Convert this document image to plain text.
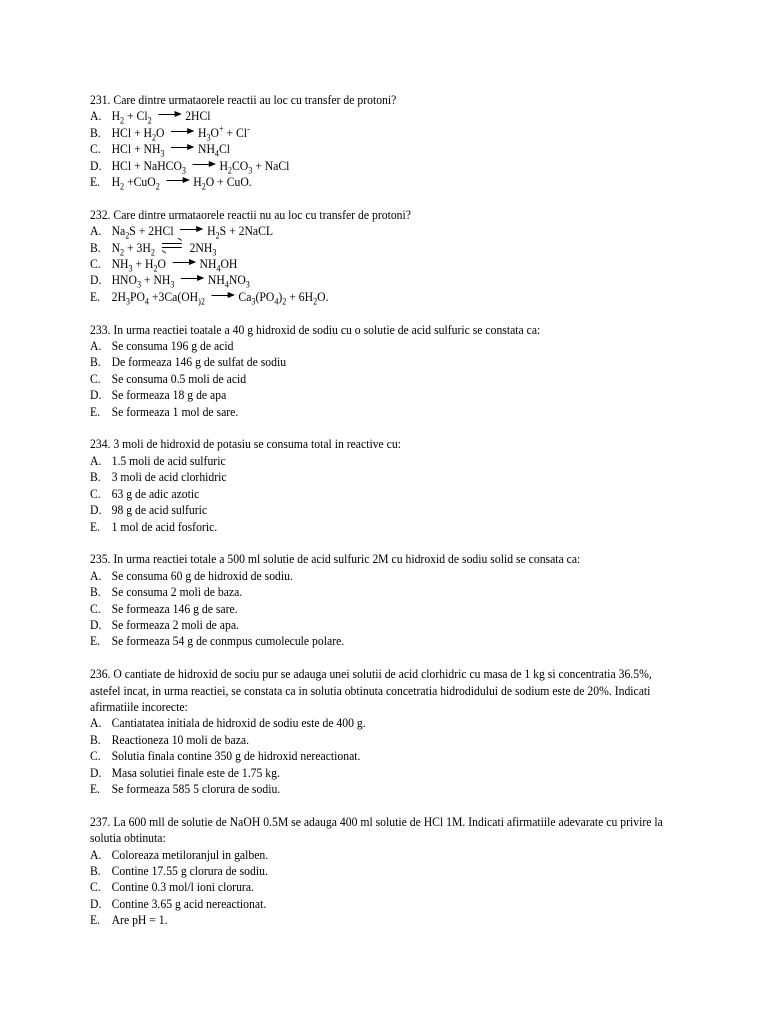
231. Care dintre urmataorele reactii au loc cu transfer de protoni?
A. $H_2 + Cl_2$	2HCl
B. HCl + $H_2O$ $H_3O^+ + Cl^-$
C. HCl + $NH_3$	$NH_4Cl$
D. HCl + NaHCO$_3$	$H_2CO_3$ + NaCl
E. $H_2 +CuO_2$	$H_2O$ + CuO.
232. Care dintre urmataorele reactii nu au loc cu transfer de protoni?
A. $Na_2S + 2HCl$ $H_2S$ + 2NaCL
B. $N_2 + 3H_2$
$2NH_3$
C. $NH_3 + H_2O$ $NH_4OH$
D. $HNO_3 + NH_3$	$NH_4NO_3$
E. $2H_3PO_4 +3Ca(OH_{)2}$	$Ca_3(PO_4)_2 + 6H_2O$.
233. In urma reactiei toatale a 40 g hidroxid de sodiu cu o solutie de acid sulfuric se constata ca:
A. Se consuma 196 g de acid
B. De formeaza 146 g de sulfat de sodiu
C. Se consuma 0.5 moli de acid
D. Se formeaza 18 g de apa
E. Se formeaza 1 mol de sare.
234. 3 moli de hidroxid de potasiu se consuma total in reactive cu:
A. 1.5 moli de acid sulfuric
B. 3 moli de acid clorhidric
C. 63 g de adic azotic
D. 98 g de acid sulfuric
E. 1 mol de acid fosforic.
235. In urma reactiei totale a 500 ml solutie de acid sulfuric 2M cu hidroxid de sodiu solid se consata ca:
A. Se consuma 60 g de hidroxid de sodiu.
B. Se consuma 2 moli de baza.
C. Se formeaza 146 g de sare.
D. Se formeaza 2 moli de apa.
E. Se formeaza 54 g de conmpus cumolecule polare.
236. O cantiate de hidroxid de sociu pur se adauga unei solutii de acid clorhidric cu masa de 1 kg si concentratia 36.5%, astefel incat, in urma reactiei, se constata ca in solutia obtinuta concetratia hidrodidului de sodium este de 20%. Indicati afirmatiile incorecte:
A. Cantiatatea initiala de hidroxid de sodiu este de 400 g.
B. Reactioneza 10 moli de baza.
C. Solutia finala contine 350 g de hidroxid nereactionat.
D. Masa solutiei finale este de 1.75 kg.
E. Se formeaza 585 5 clorura de sodiu.
237. La 600 mll de solutie de NaOH 0.5M se adauga 400 ml solutie de HCl 1M. Indicati afirmatiile adevarate cu privire la solutia obtinuta:
A. Coloreaza metiloranjul in galben.
B. Contine 17.55 g clorura de sodiu.
C. Contine 0.3 mol/l ioni clorura.
D. Contine 3.65 g acid nereactionat.
E. Are pH = 1.
